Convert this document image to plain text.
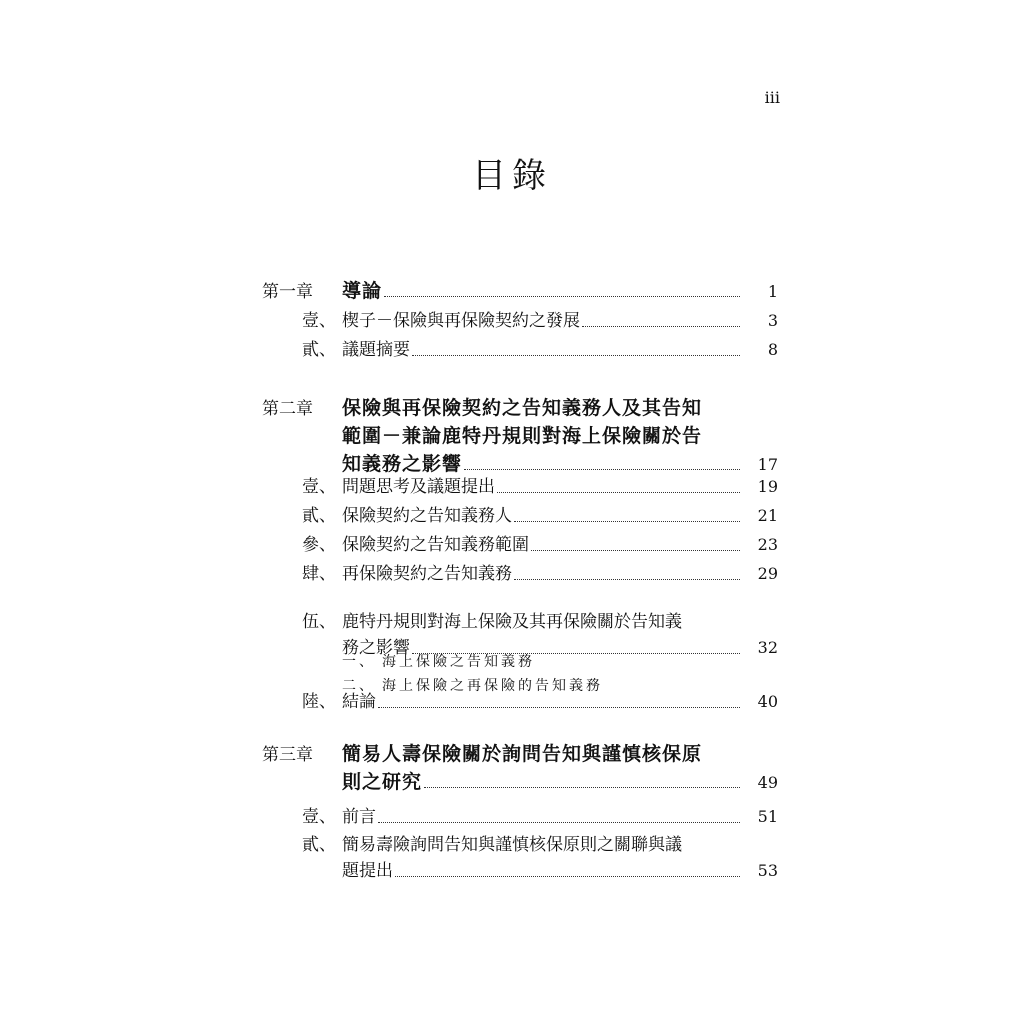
iii
目錄
第一章 導論	1
壹、 楔子－保險與再保險契約之發展	3
貳、 議題摘要	8
第二章 保險與再保險契約之告知義務人及其告知
範圍－兼論鹿特丹規則對海上保險關於告
知義務之影響	17
壹、 問題思考及議題提出	19
貳、 保險契約之告知義務人	21
參、 保險契約之告知義務範圍	23
肆、 再保險契約之告知義務	29
伍、 鹿特丹規則對海上保險及其再保險關於告知義
務之影響	32
一、 海上保險之告知義務
二、 海上保險之再保險的告知義務
陸、 結論	40
第三章 簡易人壽保險關於詢問告知與謹慎核保原
則之研究	49
壹、 前言	51
貳、 簡易壽險詢問告知與謹慎核保原則之關聯與議
題提出	53
